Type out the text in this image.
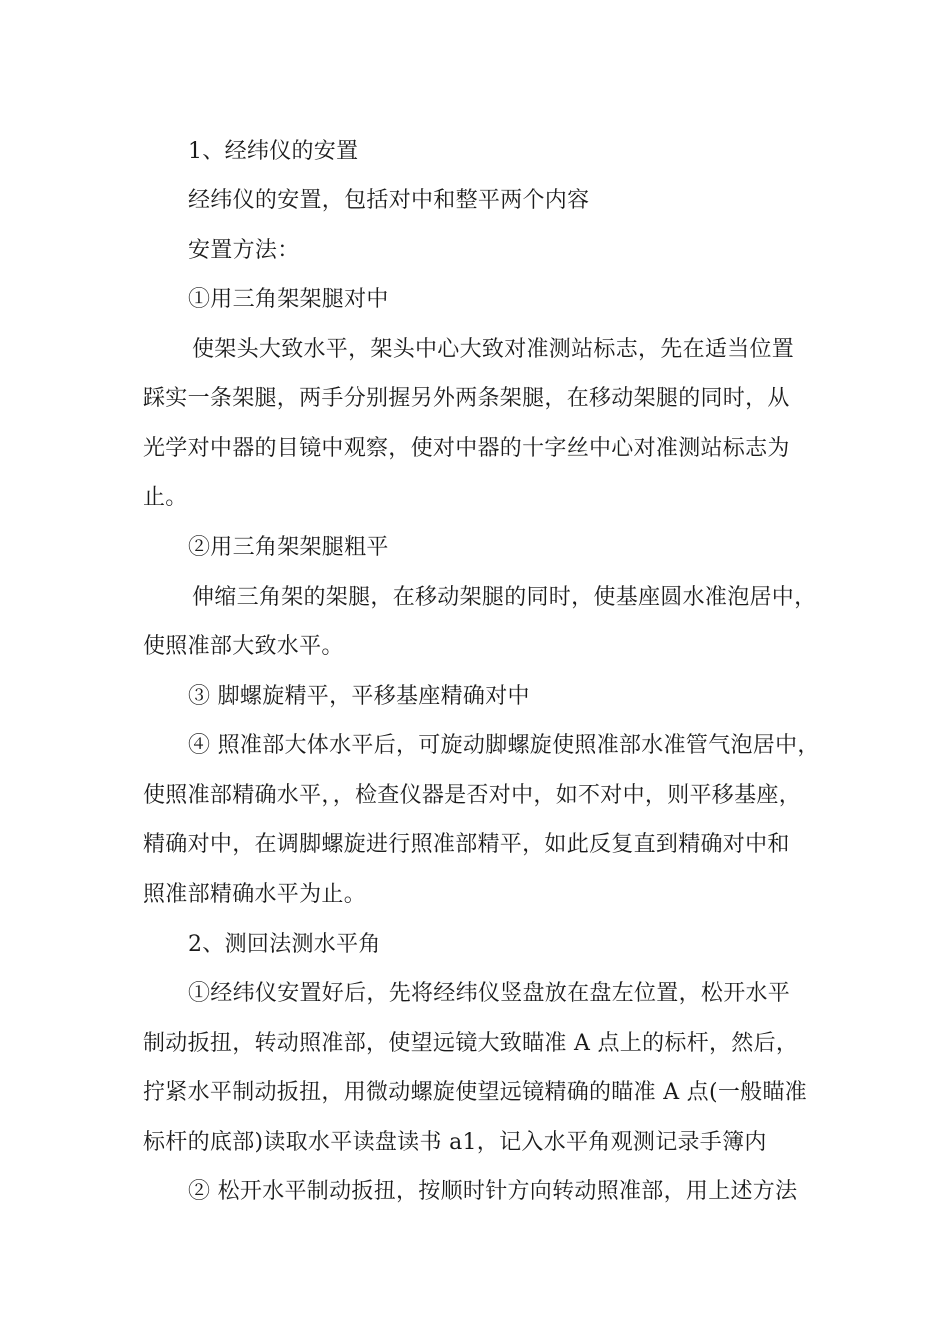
1、经纬仪的安置
经纬仪的安置，包括对中和整平两个内容
安置方法：
①用三角架架腿对中
使架头大致水平，架头中心大致对准测站标志，先在适当位置
踩实一条架腿，两手分别握另外两条架腿，在移动架腿的同时，从
光学对中器的目镜中观察，使对中器的十字丝中心对准测站标志为
止。
②用三角架架腿粗平
伸缩三角架的架腿，在移动架腿的同时，使基座圆水准泡居中，
使照准部大致水平。
③ 脚螺旋精平，平移基座精确对中
④ 照准部大体水平后，可旋动脚螺旋使照准部水准管气泡居中，
使照准部精确水平，，检查仪器是否对中，如不对中，则平移基座，
精确对中，在调脚螺旋进行照准部精平，如此反复直到精确对中和
照准部精确水平为止。
2、测回法测水平角
①经纬仪安置好后，先将经纬仪竖盘放在盘左位置，松开水平
制动扳扭，转动照准部，使望远镜大致瞄准 A 点上的标杆，然后，
拧紧水平制动扳扭，用微动螺旋使望远镜精确的瞄准 A 点(一般瞄准
标杆的底部)读取水平读盘读书 a1，记入水平角观测记录手簿内
② 松开水平制动扳扭，按顺时针方向转动照准部，用上述方法
